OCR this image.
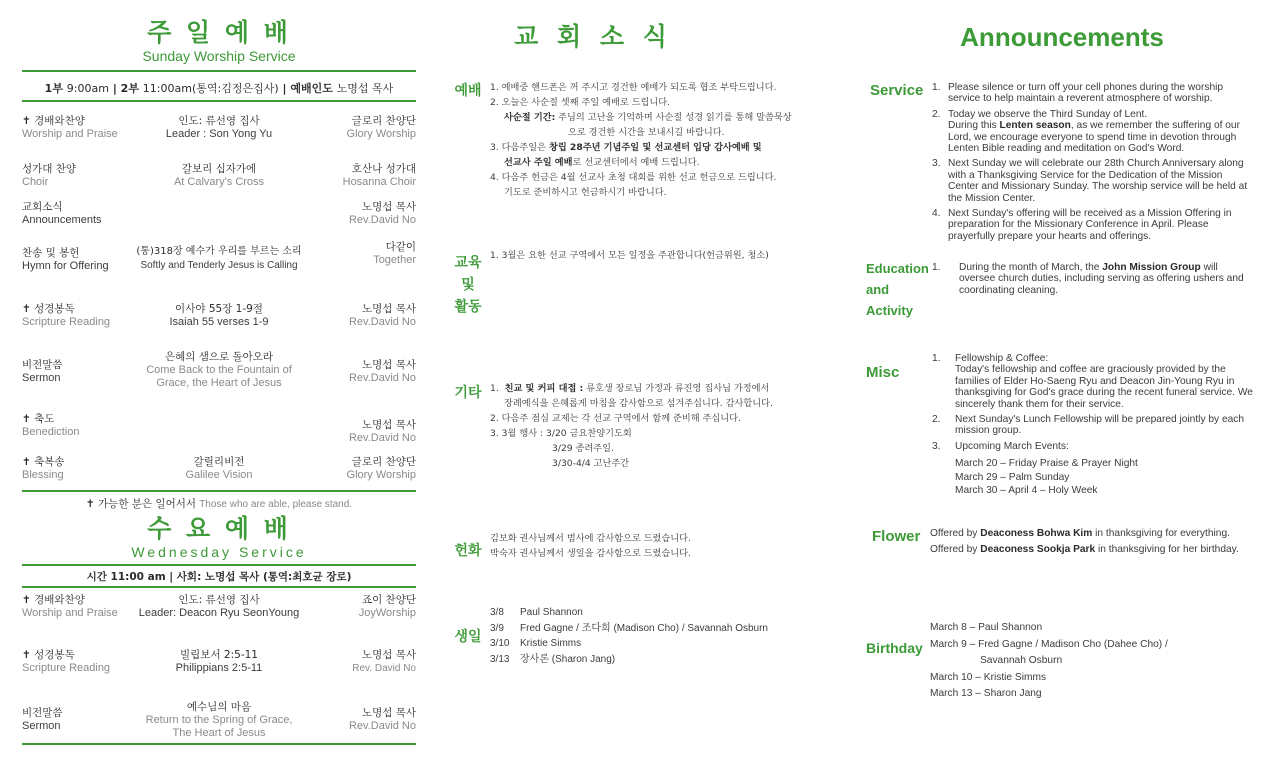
주 일 예 배
Sunday Worship Service
1부 9:00am | 2부 11:00am(통역:김정은집사) | 예배인도 노명섭 목사
✝ 경배와찬양
Worship and Praise
인도: 류선영 집사
Leader : Son Yong Yu
글로리 찬양단
Glory Worship
성가대 찬양
Choir
갈보리 십자가에
At Calvary's Cross
호산나 성가대
Hosanna Choir
교회소식
Announcements
노명섭 목사
Rev.David No
찬송 및 봉헌
Hymn for Offering
(통)318장 예수가 우리를 부르는 소리
Softly and Tenderly Jesus is Calling
다같이
Together
✝ 성경봉독
Scripture Reading
이사야 55장 1-9절
Isaiah 55 verses 1-9
노명섭 목사
Rev.David No
비전말씀
Sermon
은혜의 샘으로 돌아오라
Come Back to the Fountain of
Grace, the Heart of Jesus
노명섭 목사
Rev.David No
✝ 축도
Benediction
노명섭 목사
Rev.David No
✝ 축복송
Blessing
갈릴리비전
Galilee Vision
글로리 찬양단
Glory Worship
✝ 가능한 분은 일어서서 Those who are able, please stand.
수 요 예 배
Wednesday Service
시간 11:00 am | 사회: 노명섭 목사 (통역:최호균 장로)
✝ 경배와찬양
Worship and Praise
인도: 류선영 집사
Leader: Deacon Ryu SeonYoung
죠이 찬양단
JoyWorship
✝ 성경봉독
Scripture Reading
빌립보서 2:5-11
Philippians 2:5-11
노명섭 목사
Rev. David No
비전말씀
Sermon
예수님의 마음
Return to the Spring of Grace,
The Heart of Jesus
노명섭 목사
Rev.David No
교 회 소 식
예배 1. 예배중 핸드폰은 꺼 주시고 경건한 예배가 되도록 협조 부탁드립니다.
2. 오늘은 사순절 셋째 주일 예배로 드립니다.
사순절 기간: 주님의 고난을 기억하며 사순절 성경 읽기를 통해 말씀묵상
으로 경건한 시간을 보내시길 바랍니다.
3. 다음주일은 창립 28주년 기념주일 및 선교센터 입당 감사예배 및
선교사 주일 예배로 선교센터에서 예배 드립니다.
4. 다음주 헌금은 4월 선교사 초청 대회를 위한 선교 헌금으로 드립니다.
기도로 준비하시고 헌금하시기 바랍니다.
교육
및
활동
1. 3월은 요한 선교 구역에서 모든 일정을 주관합니다(헌금위원, 청소)
기타 1.  친교 및 커피 대접 : 류호생 장로님 가정과 류진영 집사님 가정에서
장례예식을 은혜롭게 마침을 감사함으로 섬겨주십니다. 감사합니다.
2. 다음주 점심 교제는 각 선교 구역에서 함께 준비해 주십니다.
3. 3월 행사 : 3/20 금요찬양기도회
3/29 종려주일.
3/30-4/4 고난주간
헌화
김보화 권사님께서 범사에 감사함으로 드렸습니다.
박숙자 권사님께서 생일을 감사함으로 드렸습니다.
생일
3/8 Paul Shannon
3/9 Fred Gagne / 조다희 (Madison Cho) / Savannah Osburn
3/10 Kristie Simms
3/13 장사론 (Sharon Jang)
Announcements
Service 1. Please silence or turn off your cell phones during the worship service to help maintain a reverent atmosphere of worship.
2. Today we observe the Third Sunday of Lent.
During this Lenten season, as we remember the suffering of our Lord, we encourage everyone to spend time in devotion through Lenten Bible reading and meditation on God's Word.
3. Next Sunday we will celebrate our 28th Church Anniversary along with a Thanksgiving Service for the Dedication of the Mission Center and Missionary Sunday. The worship service will be held at the Mission Center.
4. Next Sunday's offering will be received as a Mission Offering in preparation for the Missionary Conference in April. Please prayerfully prepare your hearts and offerings.
Education
and
Activity
1.	During the month of March, the John Mission Group will oversee church duties, including serving as offering ushers and coordinating cleaning.
Misc
1. Fellowship & Coffee:
Today's fellowship and coffee are graciously provided by the families of Elder Ho-Saeng Ryu and Deacon Jin-Young Ryu in thanksgiving for God's grace during the recent funeral service. We sincerely thank them for their service.
2.	Next Sunday's Lunch Fellowship will be prepared jointly by each mission group.
3. Upcoming March Events:
March 20 – Friday Praise & Prayer Night
March 29 – Palm Sunday
March 30 – April 4 – Holy Week
Flower Offered by Deaconess Bohwa Kim in thanksgiving for everything.
Offered by Deaconess Sookja Park in thanksgiving for her birthday.
Birthday
March 8 – Paul Shannon
March 9 – Fred Gagne / Madison Cho (Dahee Cho) /
Savannah Osburn
March 10 – Kristie Simms
March 13 – Sharon Jang
